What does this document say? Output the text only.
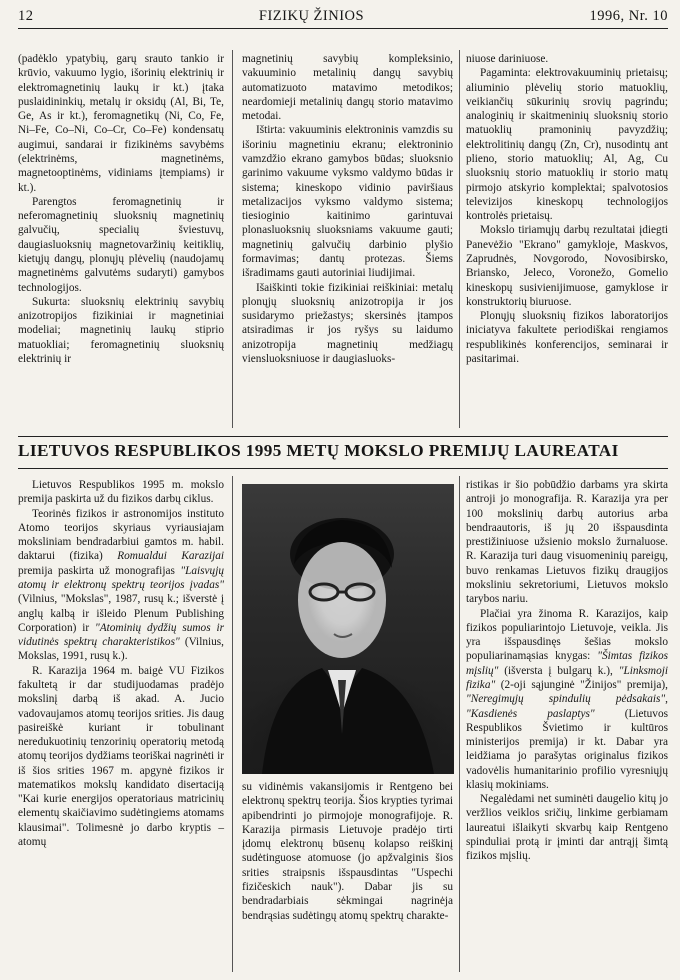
12	FIZIKŲ ŽINIOS	1996, Nr. 10

(padėklo ypatybių, garų srauto tankio ir krūvio, vakuumo lygio, išorinių elektrinių ir elektromagnetinių laukų ir kt.) įtaka puslaidininkių, metalų ir oksidų (Al, Bi, Te, Ge, As ir kt.), feromagnetikų (Ni, Co, Fe, Ni–Fe, Co–Ni, Co–Cr, Co–Fe) kondensatų augimui, sandarai ir fizikinėms savybėms (elektrinėms, magnetinėms, magnetooptinėms, vidiniams įtempiams) ir kt.).

Parengtos feromagnetinių ir neferomagnetinių sluoksnių magnetinių galvučių, specialių šviestuvų, daugiasluoksnių magnetovaržinių keitiklių, kietųjų dangų, plonųjų plėvelių (naudojamų magnetinėms galvutėms sudaryti) gamybos technologijos.

Sukurta: sluoksnių elektrinių savybių anizotropijos fizikiniai ir magnetiniai modeliai; magnetinių laukų stiprio matuokliai; feromagnetinių sluoksnių elektrinių ir

magnetinių savybių kompleksinio, vakuuminio metalinių dangų savybių automatizuoto matavimo metodikos; neardomieji metalinių dangų storio matavimo metodai.

Ištirta: vakuuminis elektroninis vamzdis su išoriniu magnetiniu ekranu; elektroninio vamzdžio ekrano gamybos būdas; sluoksnio garinimo vakuume vyksmo valdymo būdas ir sistema; kineskopo vidinio paviršiaus metalizacijos vyksmo valdymo sistema; tiesioginio kaitinimo garintuvai plonasluoksnių sluoksniams vakuume gauti; magnetinių galvučių darbinio plyšio formavimas; dantų protezas. Šiems išradimams gauti autoriniai liudijimai.

Išaiškinti tokie fizikiniai reiškiniai: metalų plonųjų sluoksnių anizotropija ir jos susidarymo priežastys; skersinės įtampos atsiradimas ir jos ryšys su laidumo anizotropija magnetinių medžiagų viensluoksniuose ir daugiasluoks-

niuose dariniuose.

Pagaminta: elektrovakuuminių prietaisų; aliuminio plėvelių storio matuoklių, veikiančių sūkurinių srovių pagrindu; analoginių ir skaitmeninių sluoksnių storio matuoklių pramoninių pavyzdžių; elektrolitinių dangų (Zn, Cr), nusodintų ant plieno, storio matuoklių; Al, Ag, Cu sluoksnių storio matuoklių ir storio matų pirmojo atskyrio komplektai; spalvotosios televizijos kineskopų technologijos kontrolės prietaisų.

Mokslo tiriamųjų darbų rezultatai įdiegti Panevėžio "Ekrano" gamykloje, Maskvos, Zaprudnės, Novgorodo, Novosibirsko, Briansko, Jeleco, Voronežo, Gomelio kineskopų susivienijimuose, gamyklose ir konstruktorių biuruose.

Plonųjų sluoksnių fizikos laboratorijos iniciatyva fakultete periodiškai rengiamos respublikinės konferencijos, seminarai ir pasitarimai.

LIETUVOS RESPUBLIKOS 1995 METŲ MOKSLO PREMIJŲ LAUREATAI

Lietuvos Respublikos 1995 m. mokslo premija paskirta už du fizikos darbų ciklus.

Teorinės fizikos ir astronomijos instituto Atomo teorijos skyriaus vyriausiajam moksliniam bendradarbiui gamtos m. habil. daktarui (fizika) Romualdui Karazijai premija paskirta už monografijas "Laisvųjų atomų ir elektronų spektrų teorijos įvadas" (Vilnius, "Mokslas", 1987, rusų k.; išverstė į anglų kalbą ir išleido Plenum Publishing Corporation) ir "Atominių dydžių sumos ir vidutinės spektrų charakteristikos" (Vilnius, Mokslas, 1991, rusų k.).

R. Karazija 1964 m. baigė VU Fizikos fakultetą ir dar studijuodamas pradėjo mokslinį darbą iš akad. A. Jucio vadovaujamos atomų teorijos srities. Jis daug pasireiškė kuriant ir tobulinant neredukuotinių tenzorinių operatorių metodą atomų teorijos dydžiams teoriškai nagrinėti ir iš šios srities 1967 m. apgynė fizikos ir matematikos mokslų kandidato disertaciją "Kai kurie energijos operatoriaus matricinių elementų skaičiavimo sudėtingiems atomams klausimai". Tolimesnė jo darbo kryptis – atomų

su vidinėmis vakansijomis ir Rentgeno bei elektronų spektrų teorija. Šios krypties tyrimai apibendrinti jo pirmojoje monografijoje. R. Karazija pirmasis Lietuvoje pradėjo tirti įdomų elektronų būsenų kolapso reiškinį sudėtinguose atomuose (jo apžvalginis šios srities straipsnis išspausdintas "Uspechi fizičeskich nauk"). Dabar jis su bendradarbiais sėkmingai nagrinėja bendrąsias sudėtingų atomų spektrų charakte-

ristikas ir šio pobūdžio darbams yra skirta antroji jo monografija. R. Karazija yra per 100 mokslinių darbų autorius arba bendraautoris, iš jų 20 išspausdinta prestižiniuose užsienio mokslo žurnaluose. R. Karazija turi daug visuomeninių pareigų, buvo renkamas Lietuvos fizikų draugijos moksliniu sekretoriumi, Lietuvos mokslo tarybos nariu.

Plačiai yra žinoma R. Karazijos, kaip fizikos populiarintojo Lietuvoje, veikla. Jis yra išspausdinęs šešias mokslo populiarinamąsias knygas: "Šimtas fizikos mįslių" (išversta į bulgarų k.), "Linksmoji fizika" (2-oji sąjunginė "Žinijos" premija), "Neregimųjų spindulių pėdsakais", "Kasdienės paslaptys"	(Lietuvos Respublikos Švietimo ir kultūros ministerijos premija) ir kt. Dabar yra leidžiama jo parašytas originalus fizikos vadovėlis humanitarinio profilio vyresniųjų klasių mokiniams.

Negalėdami net suminėti daugelio kitų jo veržlios veiklos sričių, linkime gerbiamam laureatui išlaikyti skvarbų kaip Rentgeno spinduliai protą ir įminti dar antrąjį šimtą fizikos mįslių.
